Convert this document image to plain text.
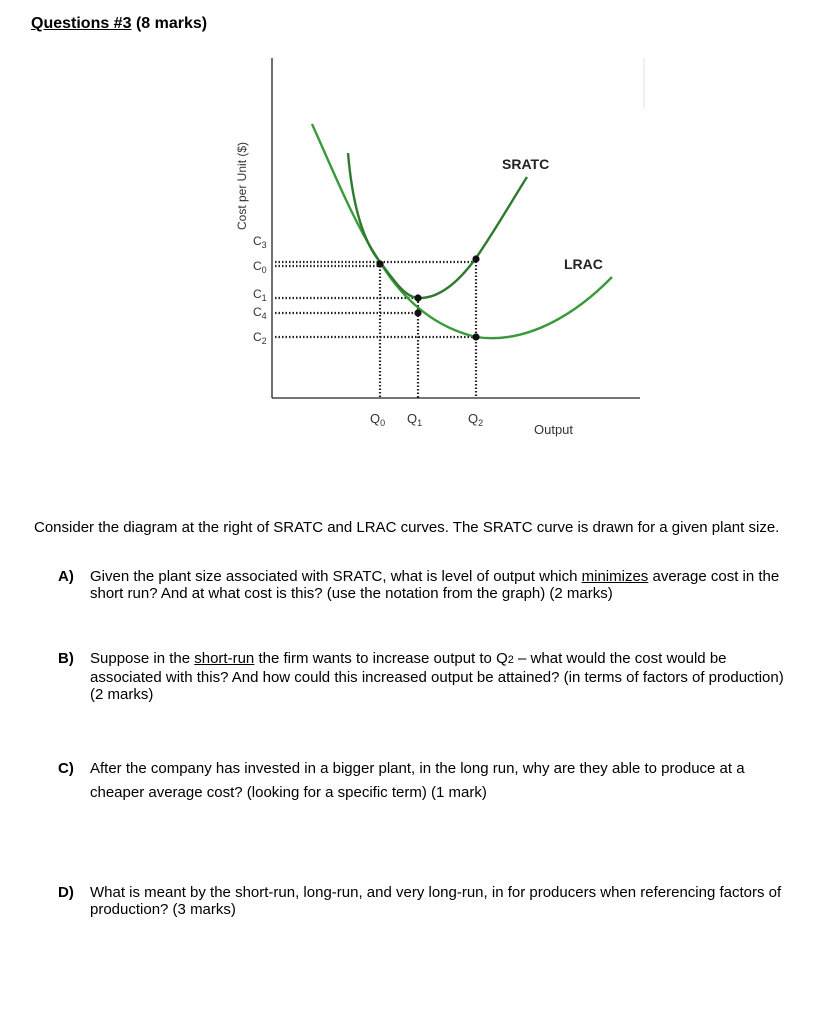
Questions #3 (8 marks)
Cost per Unit ($)
$C_3$
$C_0$
$C_1$
$C_4$
$C_2$
$Q_0$ $Q_1$	$Q_2$	Output
SRATC
LRAC
Consider the diagram at the right of SRATC and LRAC curves. The SRATC curve is drawn for a given plant size.
A) Given the plant size associated with SRATC, what is level of output which minimizes average cost in the short run? And at what cost is this? (use the notation from the graph) (2 marks)
B) Suppose in the short-run the firm wants to increase output to Q2 – what would the cost would be associated with this? And how could this increased output be attained? (in terms of factors of production) (2 marks)
C) After the company has invested in a bigger plant, in the long run, why are they able to produce at a cheaper average cost? (looking for a specific term) (1 mark)
D) What is meant by the short-run, long-run, and very long-run, in for producers when referencing factors of production? (3 marks)
